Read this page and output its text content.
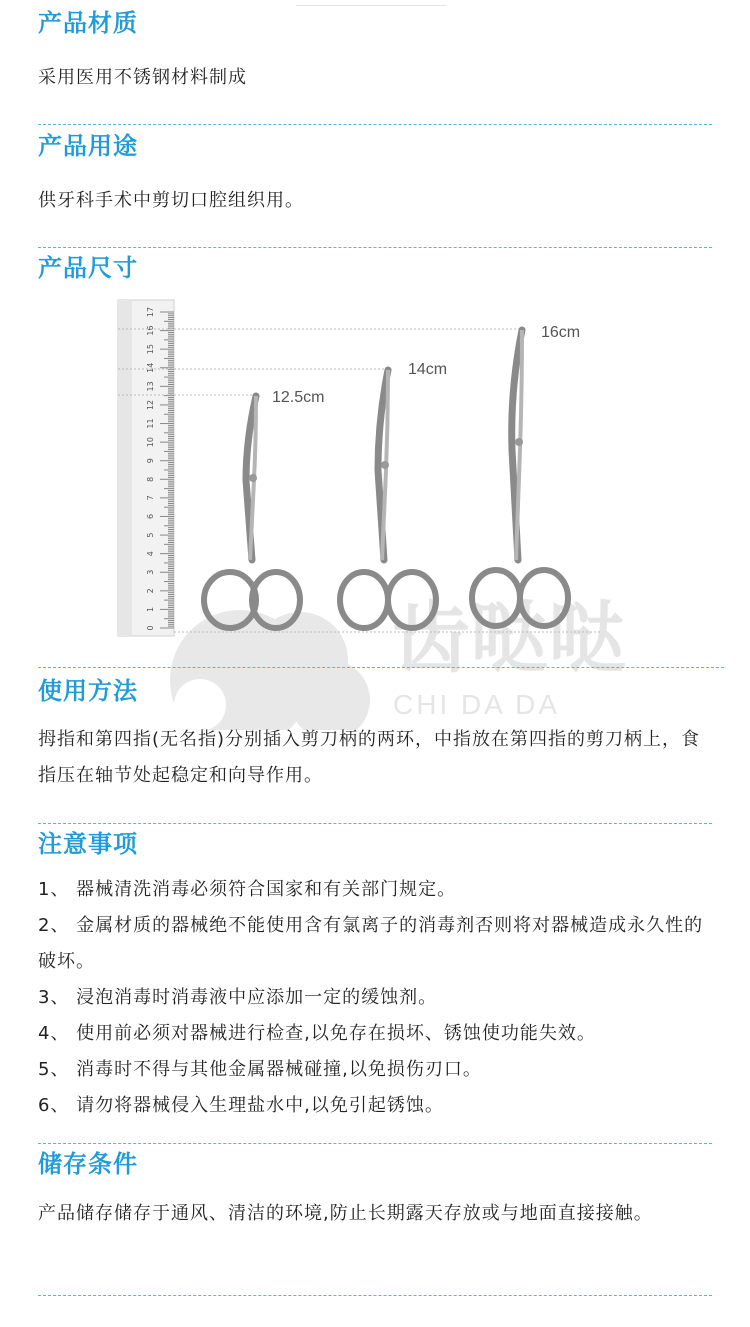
产品材质
采用医用不锈钢材料制成
产品用途
供牙科手术中剪切口腔组织用。
产品尺寸
齿哒哒
CHI DA DA
17
16
15
14
13
12
11
10
9
8
7
6
5
4
3
2
1
0
12.5cm
14cm
16cm
使用方法
拇指和第四指(无名指)分别插入剪刀柄的两环，中指放在第四指的剪刀柄上，食指压在轴节处起稳定和向导作用。
注意事项
1、 器械清洗消毒必须符合国家和有关部门规定。
2、 金属材质的器械绝不能使用含有氯离子的消毒剂否则将对器械造成永久性的破坏。
3、 浸泡消毒时消毒液中应添加一定的缓蚀剂。
4、 使用前必须对器械进行检查,以免存在损坏、锈蚀使功能失效。
5、 消毒时不得与其他金属器械碰撞,以免损伤刃口。
6、 请勿将器械侵入生理盐水中,以免引起锈蚀。
储存条件
产品储存储存于通风、清洁的环境,防止长期露天存放或与地面直接接触。
